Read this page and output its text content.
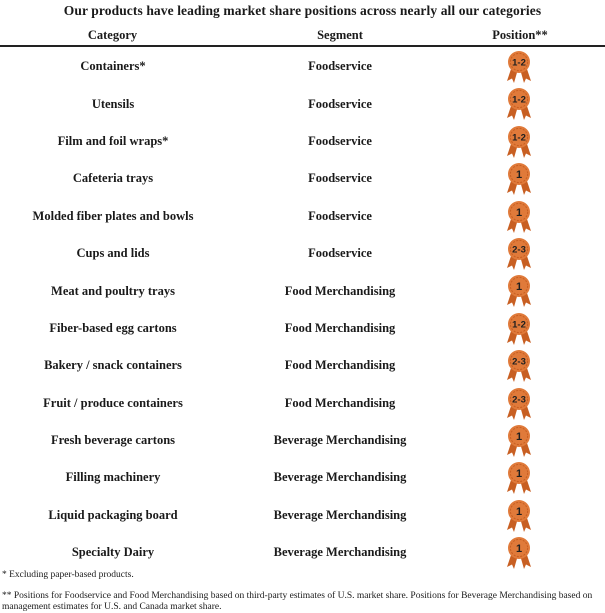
Our products have leading market share positions across nearly all our categories
Category	Segment	Position**
Containers*	Foodservice	1-2
Utensils	Foodservice	1-2
Film and foil wraps*	Foodservice	1-2
Cafeteria trays	Foodservice	1
Molded fiber plates and bowls	Foodservice	1
Cups and lids	Foodservice	2-3
Meat and poultry trays	Food Merchandising	1
Fiber-based egg cartons	Food Merchandising	1-2
Bakery / snack containers	Food Merchandising	2-3
Fruit / produce containers	Food Merchandising	2-3
Fresh beverage cartons	Beverage Merchandising	1
Filling machinery	Beverage Merchandising	1
Liquid packaging board	Beverage Merchandising	1
Specialty Dairy	Beverage Merchandising	1

* Excluding paper-based products.

** Positions for Foodservice and Food Merchandising based on third-party estimates of U.S. market share. Positions for Beverage Merchandising based on management estimates for U.S. and Canada market share.
